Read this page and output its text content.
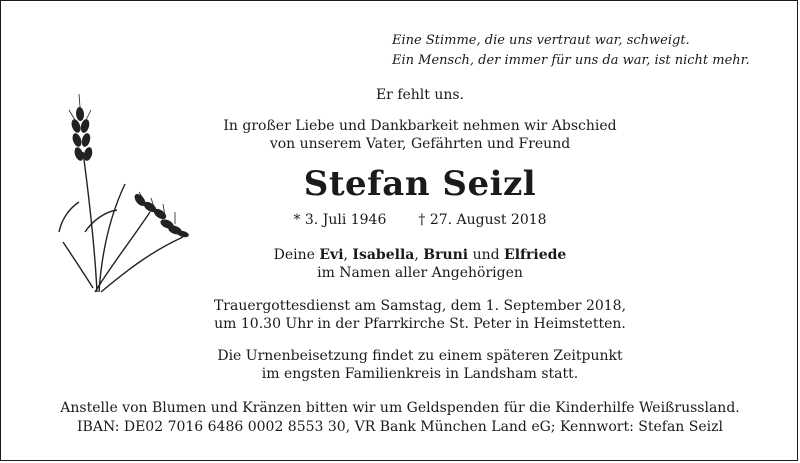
Eine Stimme, die uns vertraut war, schweigt.
Ein Mensch, der immer für uns da war, ist nicht mehr.
Er fehlt uns.
In großer Liebe und Dankbarkeit nehmen wir Abschied
von unserem Vater, Gefährten und Freund
Stefan Seizl
* 3. Juli 1946 † 27. August 2018
Deine Evi, Isabella, Bruni und Elfriede
im Namen aller Angehörigen
Trauergottesdienst am Samstag, dem 1. September 2018,
um 10.30 Uhr in der Pfarrkirche St. Peter in Heimstetten.
Die Urnenbeisetzung findet zu einem späteren Zeitpunkt
im engsten Familienkreis in Landsham statt.
Anstelle von Blumen und Kränzen bitten wir um Geldspenden für die Kinderhilfe Weißrussland.
IBAN: DE02 7016 6486 0002 8553 30, VR Bank München Land eG; Kennwort: Stefan Seizl
